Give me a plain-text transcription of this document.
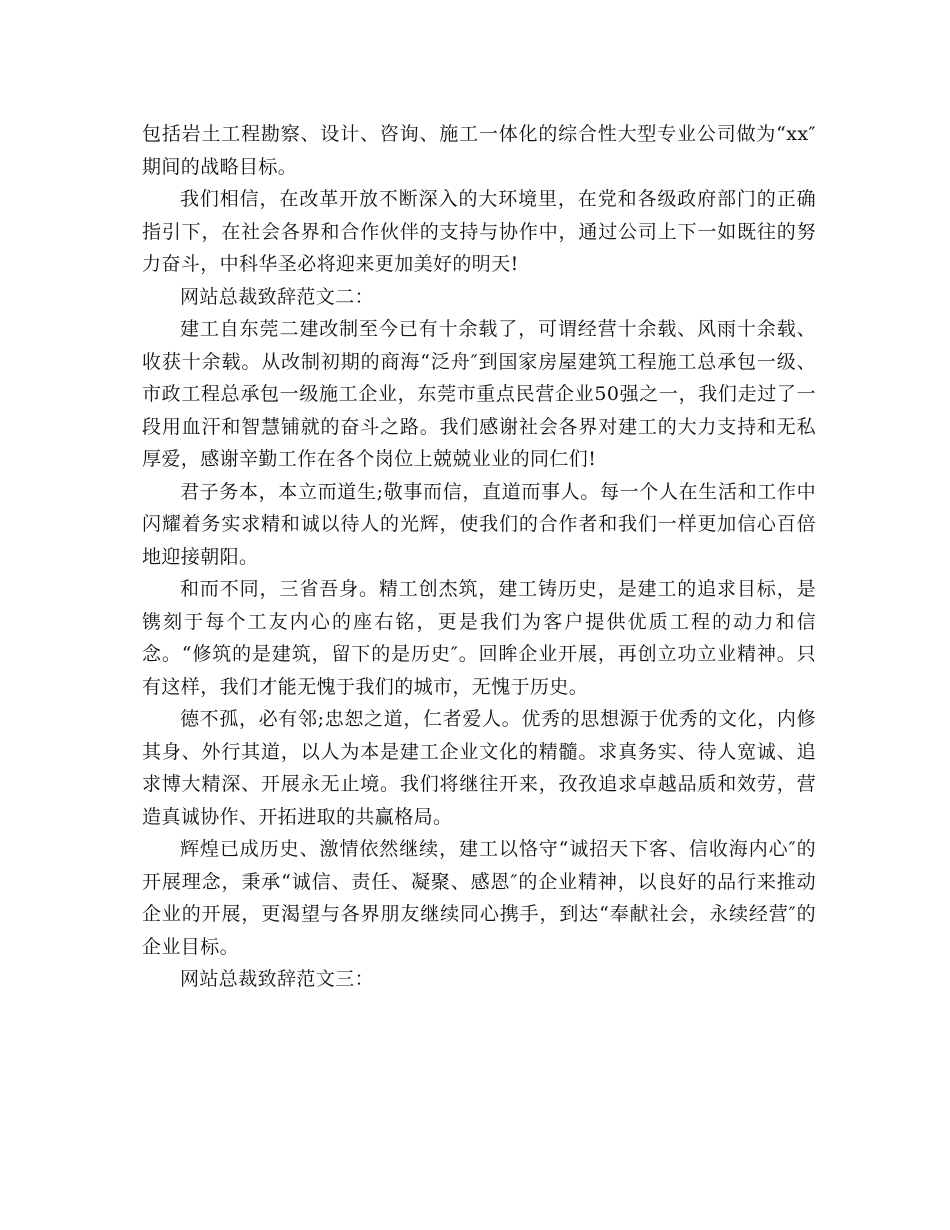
包括岩土工程勘察、设计、咨询、施工一体化的综合性大型专业公司做为“xx″期间的战略目标。

我们相信，在改革开放不断深入的大环境里，在党和各级政府部门的正确指引下，在社会各界和合作伙伴的支持与协作中，通过公司上下一如既往的努力奋斗，中科华圣必将迎来更加美好的明天!

网站总裁致辞范文二：

建工自东莞二建改制至今已有十余载了，可谓经营十余载、风雨十余载、收获十余载。从改制初期的商海“泛舟″到国家房屋建筑工程施工总承包一级、市政工程总承包一级施工企业，东莞市重点民营企业50强之一，我们走过了一段用血汗和智慧铺就的奋斗之路。我们感谢社会各界对建工的大力支持和无私厚爱，感谢辛勤工作在各个岗位上兢兢业业的同仁们!

君子务本，本立而道生;敬事而信，直道而事人。每一个人在生活和工作中闪耀着务实求精和诚以待人的光辉，使我们的合作者和我们一样更加信心百倍地迎接朝阳。

和而不同，三省吾身。精工创杰筑，建工铸历史，是建工的追求目标，是镌刻于每个工友内心的座右铭，更是我们为客户提供优质工程的动力和信念。“修筑的是建筑，留下的是历史″。回眸企业开展，再创立功立业精神。只有这样，我们才能无愧于我们的城市，无愧于历史。

德不孤，必有邻;忠恕之道，仁者爱人。优秀的思想源于优秀的文化，内修其身、外行其道，以人为本是建工企业文化的精髓。求真务实、待人宽诚、追求博大精深、开展永无止境。我们将继往开来，孜孜追求卓越品质和效劳，营造真诚协作、开拓进取的共赢格局。

辉煌已成历史、激情依然继续，建工以恪守“诚招天下客、信收海内心″的开展理念，秉承“诚信、责任、凝聚、感恩″的企业精神，以良好的品行来推动企业的开展，更渴望与各界朋友继续同心携手，到达“奉献社会，永续经营″的企业目标。

网站总裁致辞范文三：
